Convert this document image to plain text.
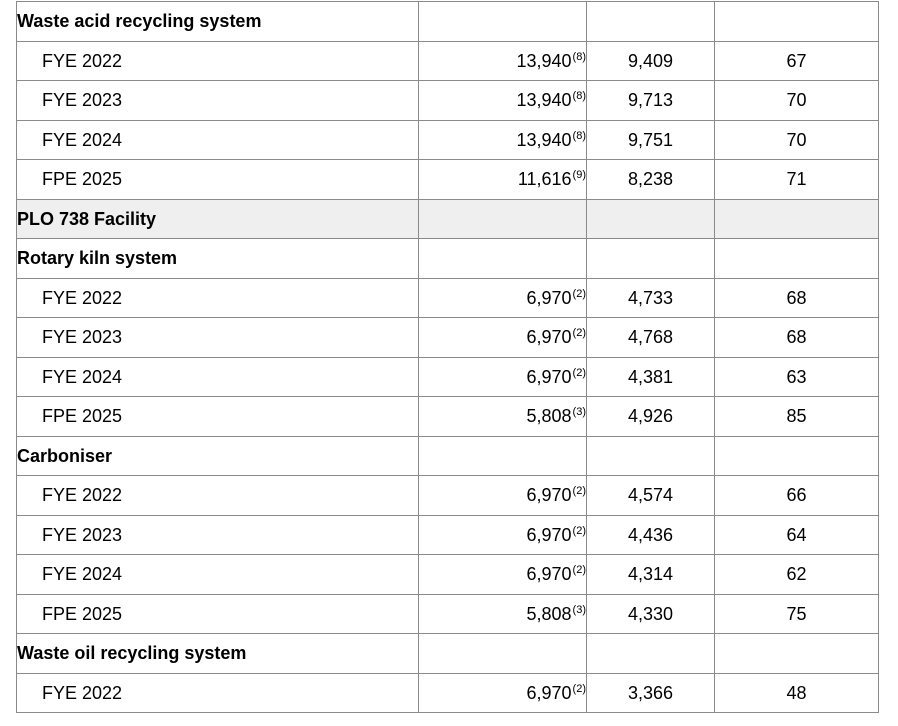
Waste acid recycling system			
FYE 2022	13,940$^{(8)}$	9,409	67
FYE 2023	13,940$^{(8)}$	9,713	70
FYE 2024	13,940$^{(8)}$	9,751	70
FPE 2025	11,616$^{(9)}$	8,238	71
PLO 738 Facility			
Rotary kiln system			
FYE 2022	6,970$^{(2)}$	4,733	68
FYE 2023	6,970$^{(2)}$	4,768	68
FYE 2024	6,970$^{(2)}$	4,381	63
FPE 2025	5,808$^{(3)}$	4,926	85
Carboniser			
FYE 2022	6,970$^{(2)}$	4,574	66
FYE 2023	6,970$^{(2)}$	4,436	64
FYE 2024	6,970$^{(2)}$	4,314	62
FPE 2025	5,808$^{(3)}$	4,330	75
Waste oil recycling system			
FYE 2022	6,970$^{(2)}$	3,366	48
